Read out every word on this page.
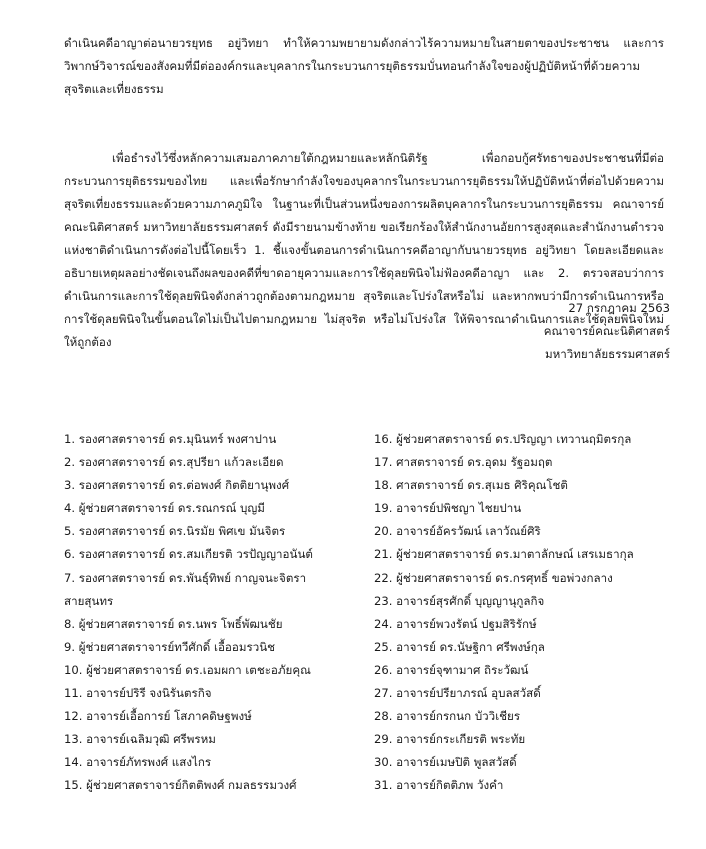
ดำเนินคดีอาญาต่อนายวรยุทธ อยู่วิทยา ทำให้ความพยายามดังกล่าวไร้ความหมายในสายตาของประชาชน และการวิพากษ์วิจารณ์ของสังคมที่มีต่อองค์กรและบุคลากรในกระบวนการยุติธรรมบั่นทอนกำลังใจของผู้ปฏิบัติหน้าที่ด้วยความสุจริตและเที่ยงธรรม

เพื่อธำรงไว้ซึ่งหลักความเสมอภาคภายใต้กฎหมายและหลักนิติรัฐ เพื่อกอบกู้ศรัทธาของประชาชนที่มีต่อกระบวนการยุติธรรมของไทย และเพื่อรักษากำลังใจของบุคลากรในกระบวนการยุติธรรมให้ปฏิบัติหน้าที่ต่อไปด้วยความสุจริตเที่ยงธรรมและด้วยความภาคภูมิใจ ในฐานะที่เป็นส่วนหนึ่งของการผลิตบุคลากรในกระบวนการยุติธรรม คณาจารย์คณะนิติศาสตร์ มหาวิทยาลัยธรรมศาสตร์ ดังมีรายนามข้างท้าย ขอเรียกร้องให้สำนักงานอัยการสูงสุดและสำนักงานตำรวจแห่งชาติดำเนินการดังต่อไปนี้โดยเร็ว 1. ชี้แจงขั้นตอนการดำเนินการคดีอาญากับนายวรยุทธ อยู่วิทยา โดยละเอียดและอธิบายเหตุผลอย่างชัดเจนถึงผลของคดีที่ขาดอายุความและการใช้ดุลยพินิจไม่ฟ้องคดีอาญา และ 2. ตรวจสอบว่าการดำเนินการและการใช้ดุลยพินิจดังกล่าวถูกต้องตามกฎหมาย สุจริตและโปร่งใสหรือไม่ และหากพบว่ามีการดำเนินการหรือการใช้ดุลยพินิจในขั้นตอนใดไม่เป็นไปตามกฎหมาย ไม่สุจริต หรือไม่โปร่งใส ให้พิจารณาดำเนินการและใช้ดุลยพินิจใหม่ให้ถูกต้อง

27 กรกฎาคม 2563
คณาจารย์คณะนิติศาสตร์
มหาวิทยาลัยธรรมศาสตร์
1. รองศาสตราจารย์ ดร.มุนินทร์ พงศาปาน
2. รองศาสตราจารย์ ดร.สุปรียา แก้วละเอียด
3. รองศาสตราจารย์ ดร.ต่อพงศ์ กิตติยานุพงศ์
4. ผู้ช่วยศาสตราจารย์ ดร.รณกรณ์ บุญมี
5. รองศาสตราจารย์ ดร.นิรมัย พิศเข มันจิตร
6. รองศาสตราจารย์ ดร.สมเกียรติ วรปัญญาอนันต์
7. รองศาสตราจารย์ ดร.พันธุ์ทิพย์ กาญจนะจิตรา
สายสุนทร
8. ผู้ช่วยศาสตราจารย์ ดร.นพร โพธิ์พัฒนชัย
9. ผู้ช่วยศาสตราจารย์ทวีศักดิ์ เอื้ออมรวนิช
10. ผู้ช่วยศาสตราจารย์ ดร.เอมผกา เตชะอภัยคุณ
11. อาจารย์ปริรี จงนิรันตรกิจ
12. อาจารย์เอื้อการย์ โสภาคดิษฐพงษ์
13. อาจารย์เฉลิมวุฒิ ศรีพรหม
14. อาจารย์ภัทรพงศ์ แสงไกร
15. ผู้ช่วยศาสตราจารย์กิตติพงศ์ กมลธรรมวงศ์
16. ผู้ช่วยศาสตราจารย์ ดร.ปริญญา เทวานฤมิตรกุล
17. ศาสตราจารย์ ดร.อุดม รัฐอมฤต
18. ศาสตราจารย์ ดร.สุเมธ ศิริคุณโชติ
19. อาจารย์ปพิชญา ไชยปาน
20. อาจารย์อัครวัฒน์ เลาวัณย์ศิริ
21. ผู้ช่วยศาสตราจารย์ ดร.มาตาลักษณ์ เสรเมธากุล
22. ผู้ช่วยศาสตราจารย์ ดร.กรศุทธิ์ ขอพ่วงกลาง
23. อาจารย์สุรศักดิ์ บุญญานุกูลกิจ
24. อาจารย์พวงรัตน์ ปฐมสิริรักษ์
25. อาจารย์ ดร.นัษฐิกา ศรีพงษ์กุล
26. อาจารย์จุฑามาศ ถิระวัฒน์
27. อาจารย์ปรียาภรณ์ อุบลสวัสดิ์
28. อาจารย์กรกนก บัววิเชียร
29. อาจารย์กระเกียรติ พระทัย
30. อาจารย์เมษปิติ พูลสวัสดิ์
31. อาจารย์กิตติภพ วังคำ
